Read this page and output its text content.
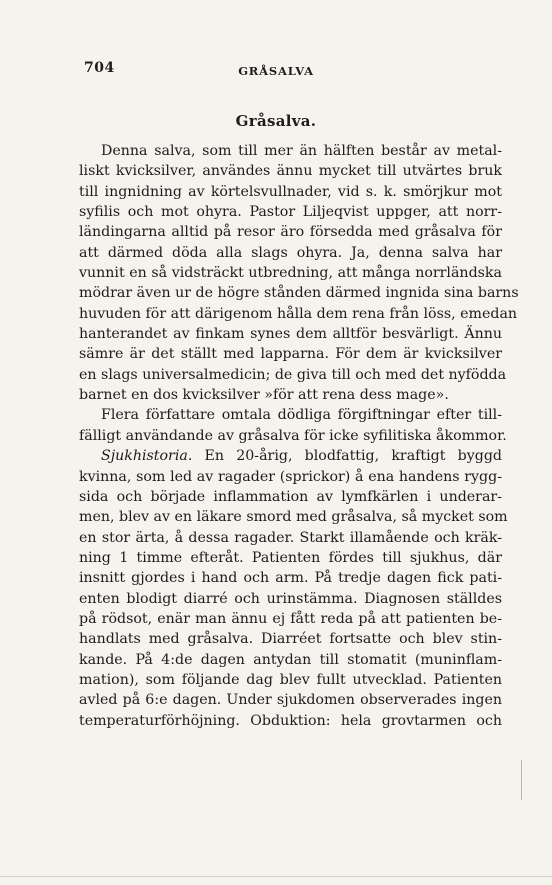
704	GRÅSALVA
Gråsalva.
Denna salva, som till mer än hälften består av metal-
liskt kvicksilver, användes ännu mycket till utvärtes bruk
till ingnidning av körtelsvullnader, vid s. k. smörjkur mot
syfilis och mot ohyra. Pastor Liljeqvist uppger, att norr-
ländingarna alltid på resor äro försedda med gråsalva för
att därmed döda alla slags ohyra. Ja, denna salva har
vunnit en så vidsträckt utbredning, att många norrländska
mödrar även ur de högre stånden därmed ingnida sina barns
huvuden för att därigenom hålla dem rena från löss, emedan
hanterandet av finkam synes dem alltför besvärligt. Ännu
sämre är det ställt med lapparna. För dem är kvicksilver
en slags universalmedicin; de giva till och med det nyfödda
barnet en dos kvicksilver »för att rena dess mage».
Flera författare omtala dödliga förgiftningar efter till-
fälligt användande av gråsalva för icke syfilitiska åkommor.
Sjukhistoria. En 20-årig, blodfattig, kraftigt byggd
kvinna, som led av ragader (sprickor) å ena handens rygg-
sida och började inflammation av lymfkärlen i underar-
men, blev av en läkare smord med gråsalva, så mycket som
en stor ärta, å dessa ragader. Starkt illamående och kräk-
ning 1 timme efteråt. Patienten fördes till sjukhus, där
insnitt gjordes i hand och arm. På tredje dagen fick pati-
enten blodigt diarré och urinstämma. Diagnosen ställdes
på rödsot, enär man ännu ej fått reda på att patienten be-
handlats med gråsalva. Diarréet fortsatte och blev stin-
kande. På 4:de dagen antydan till stomatit (muninflam-
mation), som följande dag blev fullt utvecklad. Patienten
avled på 6:e dagen. Under sjukdomen observerades ingen
temperaturförhöjning. Obduktion: hela grovtarmen och
